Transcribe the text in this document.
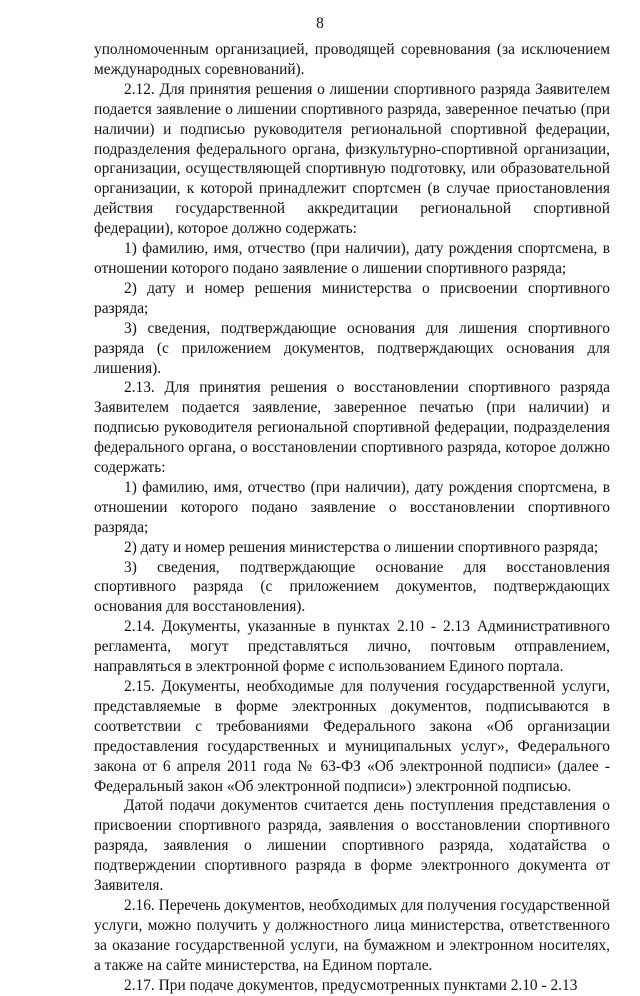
8

уполномоченным организацией, проводящей соревнования (за исключением международных соревнований).

2.12. Для принятия решения о лишении спортивного разряда Заявителем подается заявление о лишении спортивного разряда, заверенное печатью (при наличии) и подписью руководителя региональной спортивной федерации, подразделения федерального органа, физкультурно-спортивной организации, организации, осуществляющей спортивную подготовку, или образовательной организации, к которой принадлежит спортсмен (в случае приостановления действия государственной аккредитации региональной спортивной федерации), которое должно содержать:

1) фамилию, имя, отчество (при наличии), дату рождения спортсмена, в отношении которого подано заявление о лишении спортивного разряда;

2) дату и номер решения министерства о присвоении спортивного разряда;

3) сведения, подтверждающие основания для лишения спортивного разряда (с приложением документов, подтверждающих основания для лишения).

2.13. Для принятия решения о восстановлении спортивного разряда Заявителем подается заявление, заверенное печатью (при наличии) и подписью руководителя региональной спортивной федерации, подразделения федерального органа, о восстановлении спортивного разряда, которое должно содержать:

1) фамилию, имя, отчество (при наличии), дату рождения спортсмена, в отношении которого подано заявление о восстановлении спортивного разряда;

2) дату и номер решения министерства о лишении спортивного разряда;

3) сведения, подтверждающие основание для восстановления спортивного разряда (с приложением документов, подтверждающих основания для восстановления).

2.14. Документы, указанные в пунктах 2.10 - 2.13 Административного регламента, могут представляться лично, почтовым отправлением, направляться в электронной форме с использованием Единого портала.

2.15. Документы, необходимые для получения государственной услуги, представляемые в форме электронных документов, подписываются в соответствии с требованиями Федерального закона «Об организации предоставления государственных и муниципальных услуг», Федерального закона от 6 апреля 2011 года № 63-ФЗ «Об электронной подписи» (далее - Федеральный закон «Об электронной подписи») электронной подписью.

Датой подачи документов считается день поступления представления о присвоении спортивного разряда, заявления о восстановлении спортивного разряда, заявления о лишении спортивного разряда, ходатайства о подтверждении спортивного разряда в форме электронного документа от Заявителя.

2.16. Перечень документов, необходимых для получения государственной услуги, можно получить у должностного лица министерства, ответственного за оказание государственной услуги, на бумажном и электронном носителях, а также на сайте министерства, на Едином портале.

2.17. При подаче документов, предусмотренных пунктами 2.10 - 2.13
